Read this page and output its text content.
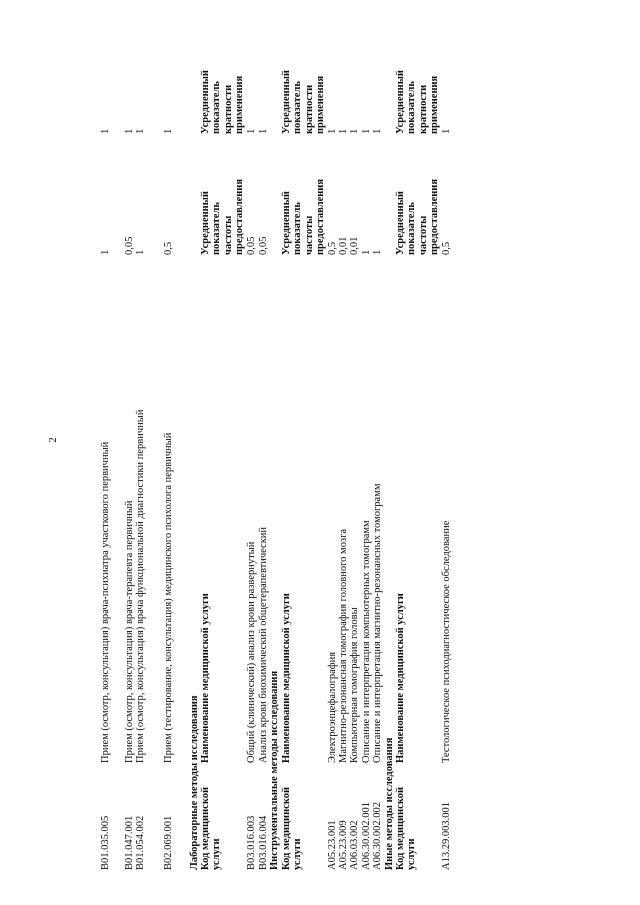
2
B01.035.005
Прием (осмотр, консультация) врача-психиатра участкового первичный
1
1
B01.047.001
Прием (осмотр, консультация) врача-терапевта первичный
0,05
1
B01.054.002
Прием (осмотр, консультация) врача функциональной диагностики первичный
1
1
B02.069.001
Прием (тестирование, консультация) медицинского психолога первичный
0,5
1
Лабораторные методы исследования Код медицинской услуги
Наименование медицинской услуги
Усредненный показатель частоты предоставления
Усредненный показатель кратности применения
B03.016.003
Общий (клинический) анализ крови развернутый
0,05
1
B03.016.004
Анализ крови биохимический общетерапевтический
0,05
1
Инструментальные методы исследования Код медицинской услуги
Наименование медицинской услуги
Усредненный показатель частоты предоставления
Усредненный показатель кратности применения
A05.23.001
Электроэнцефалография
0,5
1
A05.23.009
Магнитно-резонансная томография головного мозга
0,01
1
A06.03.002
Компьютерная томография головы
0,01
1
A06.30.002.001
Описание и интерпретация компьютерных томограмм
1
1
A06.30.002.002
Описание и интерпретация магнитно-резонансных томограмм
1
1
Иные методы исследования Код медицинской услуги
Наименование медицинской услуги
Усредненный показатель частоты предоставления
Усредненный показатель кратности применения
A13.29.003.001
Тестологическое психодиагностическое обследование
0,5
1
